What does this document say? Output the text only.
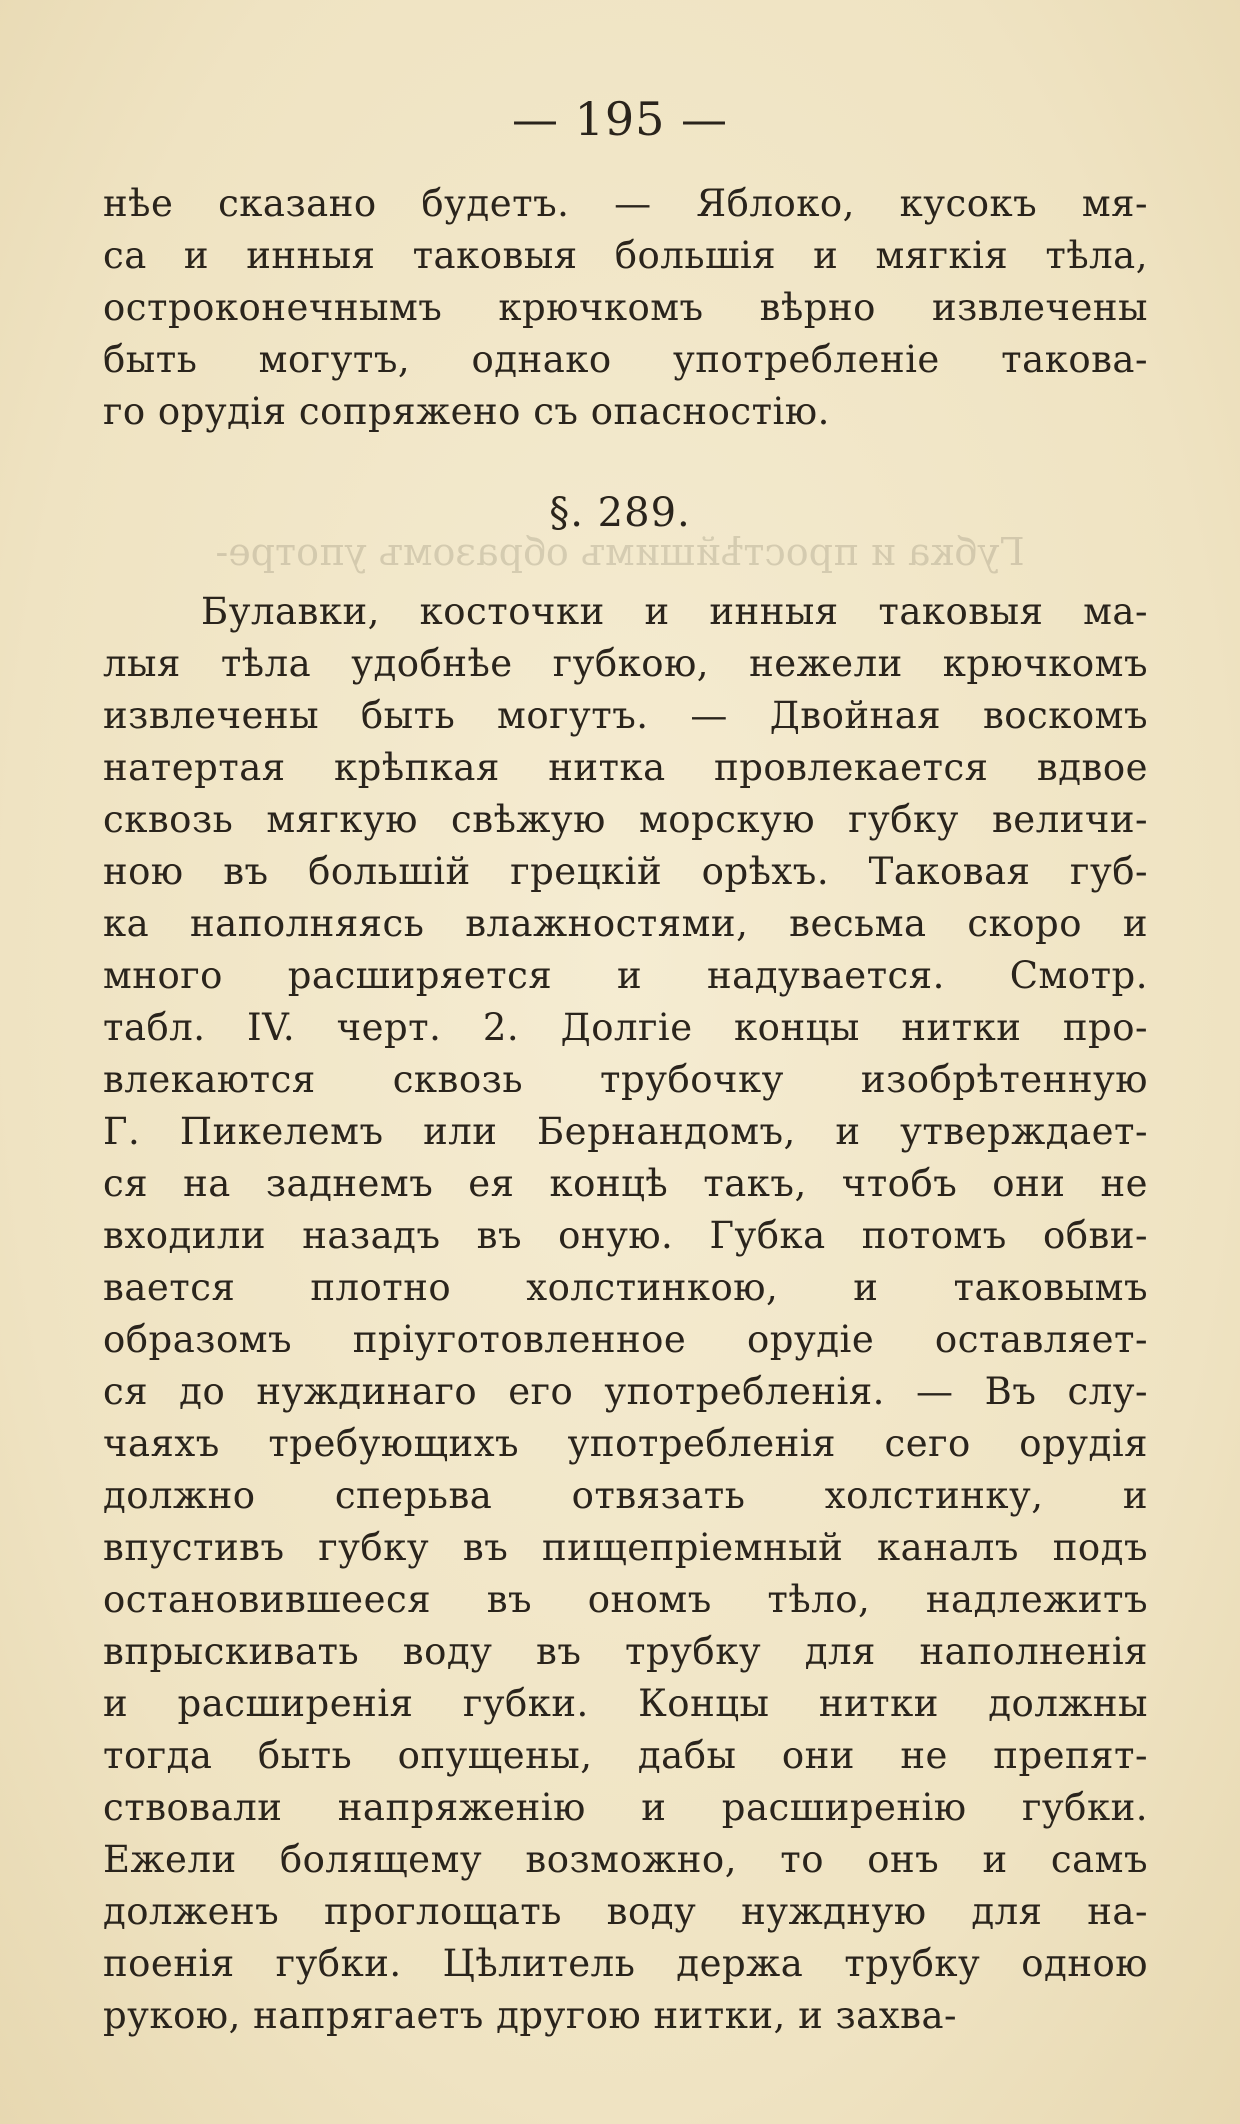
— 195 —
нѣе сказано будетъ. — Яблоко, кусокъ мя-
са и инныя таковыя большiя и мягкiя тѣла,
остроконечнымъ крючкомъ вѣрно извлечены
быть могутъ, однако употребленiе такова-
го орудiя сопряжено съ опасностiю.
Губка и простѣйшимъ образомъ употре-
§. 289.
Булавки, косточки и инныя таковыя ма-
лыя тѣла удобнѣе губкою, нежели крючкомъ
извлечены быть могутъ. — Двойная воскомъ
натертая крѣпкая нитка провлекается вдвое
сквозь мягкую свѣжую морскую губку величи-
ною въ большiй грецкiй орѣхъ. Таковая губ-
ка наполняясь влажностями, весьма скоро и
много расширяется и надувается. Смотр.
табл. IV. черт. 2. Долгiе концы нитки про-
влекаются сквозь трубочку изобрѣтенную
Г. Пикелемъ или Бернандомъ, и утверждает-
ся на заднемъ ея концѣ такъ, чтобъ они не
входили назадъ въ оную. Губка потомъ обви-
вается плотно холстинкою, и таковымъ
образомъ прiуготовленное орудiе оставляет-
ся до нуждинаго его употребленiя. — Въ слу-
чаяхъ требующихъ употребленiя сего орудiя
должно сперьва отвязать холстинку, и
впустивъ губку въ пищепрiемный каналъ подъ
остановившееся въ ономъ тѣло, надлежитъ
впрыскивать воду въ трубку для наполненiя
и расширенiя губки. Концы нитки должны
тогда быть опущены, дабы они не препят-
ствовали напряженiю и расширенiю губки.
Ежели болящему возможно, то онъ и самъ
долженъ проглощать воду нуждную для на-
поенiя губки. Цѣлитель держа трубку одною
рукою, напрягаетъ другою нитки, и захва-
